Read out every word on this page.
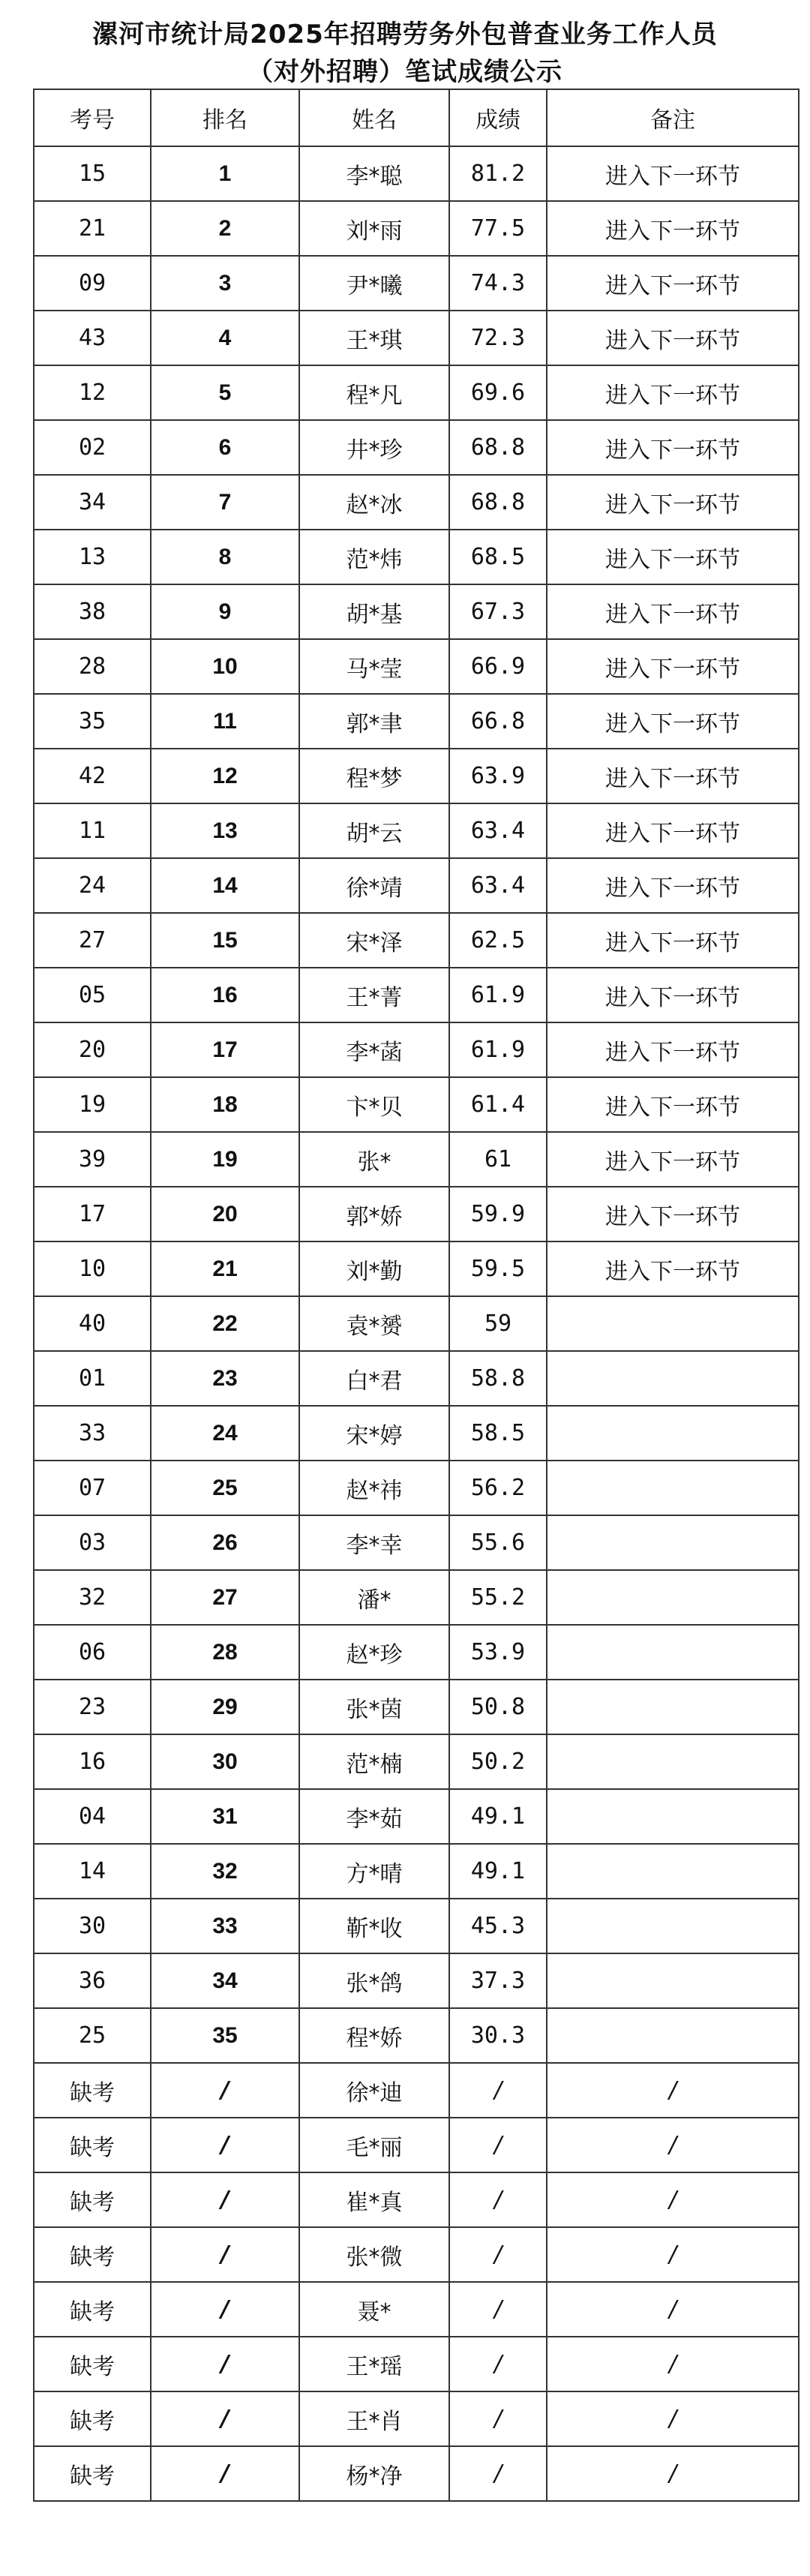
漯河市统计局2025年招聘劳务外包普查业务工作人员
（对外招聘）笔试成绩公示
考号	排名	姓名	成绩	备注
15	1	李*聪	81.2	进入下一环节
21	2	刘*雨	77.5	进入下一环节
09	3	尹*曦	74.3	进入下一环节
43	4	王*琪	72.3	进入下一环节
12	5	程*凡	69.6	进入下一环节
02	6	井*珍	68.8	进入下一环节
34	7	赵*冰	68.8	进入下一环节
13	8	范*炜	68.5	进入下一环节
38	9	胡*基	67.3	进入下一环节
28	10	马*莹	66.9	进入下一环节
35	11	郭*聿	66.8	进入下一环节
42	12	程*梦	63.9	进入下一环节
11	13	胡*云	63.4	进入下一环节
24	14	徐*靖	63.4	进入下一环节
27	15	宋*泽	62.5	进入下一环节
05	16	王*菁	61.9	进入下一环节
20	17	李*菡	61.9	进入下一环节
19	18	卞*贝	61.4	进入下一环节
39	19	张*	61	进入下一环节
17	20	郭*娇	59.9	进入下一环节
10	21	刘*勤	59.5	进入下一环节
40	22	袁*赟	59	
01	23	白*君	58.8	
33	24	宋*婷	58.5	
07	25	赵*祎	56.2	
03	26	李*幸	55.6	
32	27	潘*	55.2	
06	28	赵*珍	53.9	
23	29	张*茵	50.8	
16	30	范*楠	50.2	
04	31	李*茹	49.1	
14	32	方*晴	49.1	
30	33	靳*收	45.3	
36	34	张*鸽	37.3	
25	35	程*娇	30.3	
缺考	/	徐*迪	/	/
缺考	/	毛*丽	/	/
缺考	/	崔*真	/	/
缺考	/	张*微	/	/
缺考	/	聂*	/	/
缺考	/	王*瑶	/	/
缺考	/	王*肖	/	/
缺考	/	杨*净	/	/
